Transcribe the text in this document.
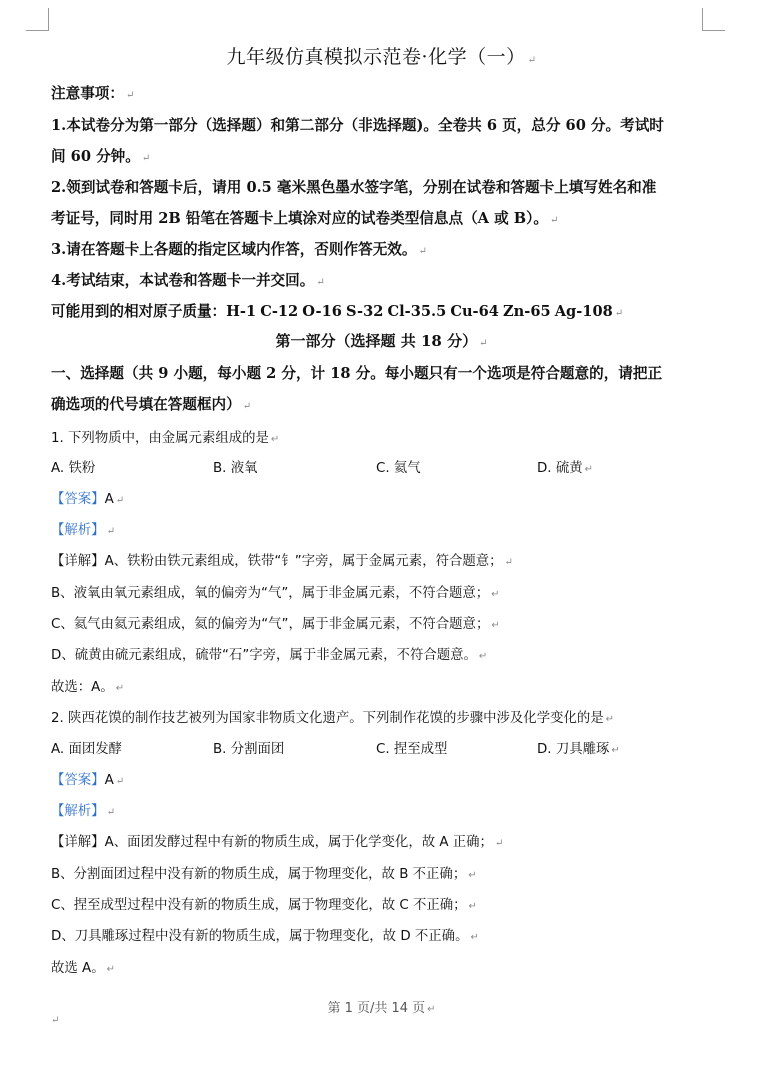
九年级仿真模拟示范卷·化学（一） ↵
注意事项： ↵
1.本试卷分为第一部分（选择题）和第二部分（非选择题)。全卷共 6 页，总分 60 分。考试时
间 60 分钟。 ↵
2.领到试卷和答题卡后，请用 0.5 毫米黑色墨水签字笔，分别在试卷和答题卡上填写姓名和准
考证号，同时用 2B 铅笔在答题卡上填涂对应的试卷类型信息点（A 或 B）。 ↵
3.请在答题卡上各题的指定区域内作答，否则作答无效。 ↵
4.考试结束，本试卷和答题卡一并交回。 ↵
可能用到的相对原子质量：H-1 C-12 O-16 S-32 Cl-35.5 Cu-64 Zn-65 Ag-108 ↵
第一部分（选择题 共 18 分） ↵
一、选择题（共 9 小题，每小题 2 分，计 18 分。每小题只有一个选项是符合题意的，请把正
确选项的代号填在答题框内） ↵
1. 下列物质中，由金属元素组成的是 ↵
A. 铁粉	B. 液氧	C. 氦气	D. 硫黄 ↵
【答案】A ↵
【解析】 ↵
【详解】A、铁粉由铁元素组成，铁带“钅”字旁，属于金属元素，符合题意； ↵
B、液氧由氧元素组成，氧的偏旁为“气”，属于非金属元素，不符合题意； ↵
C、氦气由氦元素组成，氦的偏旁为“气”，属于非金属元素，不符合题意； ↵
D、硫黄由硫元素组成，硫带“石”字旁，属于非金属元素，不符合题意。 ↵
故选：A。 ↵
2. 陕西花馍的制作技艺被列为国家非物质文化遗产。下列制作花馍的步骤中涉及化学变化的是 ↵
A. 面团发酵	B. 分割面团	C. 捏至成型	D. 刀具雕琢 ↵
【答案】A ↵
【解析】 ↵
【详解】A、面团发酵过程中有新的物质生成，属于化学变化，故 A 正确； ↵
B、分割面团过程中没有新的物质生成，属于物理变化，故 B 不正确； ↵
C、捏至成型过程中没有新的物质生成，属于物理变化，故 C 不正确； ↵
D、刀具雕琢过程中没有新的物质生成，属于物理变化，故 D 不正确。 ↵
故选 A。 ↵
第 1 页/共 14 页 ↵
↵
